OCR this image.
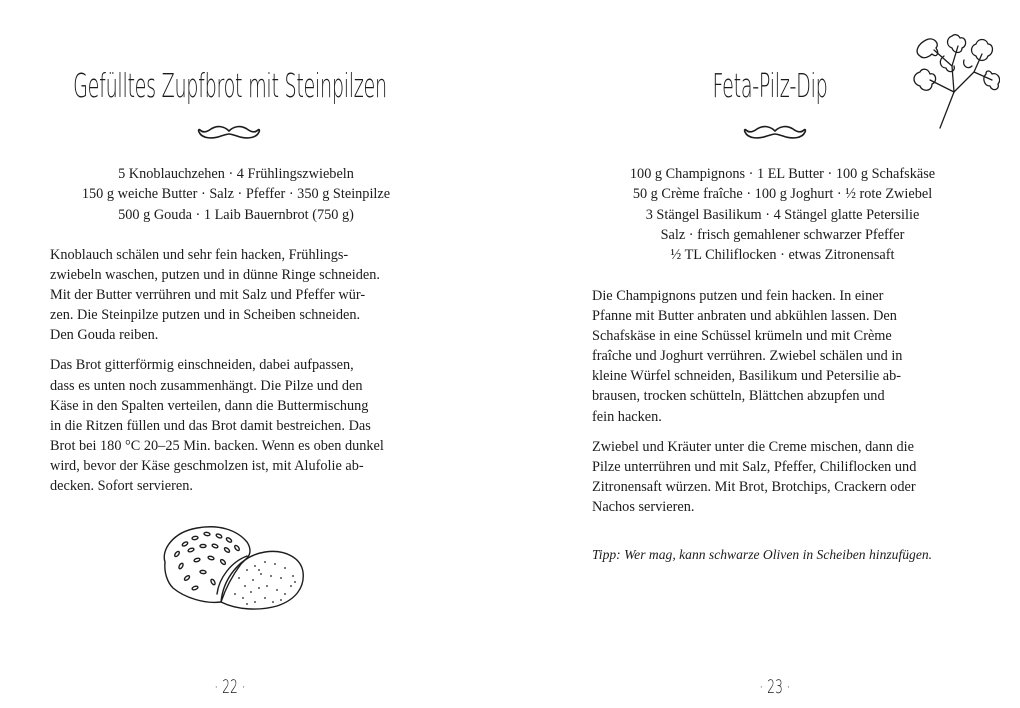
Gefülltes Zupfbrot mit Steinpilzen
5 Knoblauchzehen · 4 Frühlingszwiebeln
150 g weiche Butter · Salz · Pfeffer · 350 g Steinpilze
500 g Gouda · 1 Laib Bauernbrot (750 g)

Knoblauch schälen und sehr fein hacken, Frühlings-
zwiebeln waschen, putzen und in dünne Ringe schneiden.
Mit der Butter verrühren und mit Salz und Pfeffer wür-
zen. Die Steinpilze putzen und in Scheiben schneiden.
Den Gouda reiben.

Das Brot gitterförmig einschneiden, dabei aufpassen,
dass es unten noch zusammenhängt. Die Pilze und den
Käse in den Spalten verteilen, dann die Buttermischung
in die Ritzen füllen und das Brot damit bestreichen. Das
Brot bei 180 °C 20–25 Min. backen. Wenn es oben dunkel
wird, bevor der Käse geschmolzen ist, mit Alufolie ab-
decken. Sofort servieren.

· 22 ·
Feta-Pilz-Dip
100 g Champignons · 1 EL Butter · 100 g Schafskäse
50 g Crème fraîche · 100 g Joghurt · ½ rote Zwiebel
3 Stängel Basilikum · 4 Stängel glatte Petersilie
Salz · frisch gemahlener schwarzer Pfeffer
½ TL Chiliflocken · etwas Zitronensaft

Die Champignons putzen und fein hacken. In einer
Pfanne mit Butter anbraten und abkühlen lassen. Den
Schafskäse in eine Schüssel krümeln und mit Crème
fraîche und Joghurt verrühren. Zwiebel schälen und in
kleine Würfel schneiden, Basilikum und Petersilie ab-
brausen, trocken schütteln, Blättchen abzupfen und
fein hacken.

Zwiebel und Kräuter unter die Creme mischen, dann die
Pilze unterrühren und mit Salz, Pfeffer, Chiliflocken und
Zitronensaft würzen. Mit Brot, Brotchips, Crackern oder
Nachos servieren.

Tipp: Wer mag, kann schwarze Oliven in Scheiben hinzufügen.

· 23 ·
